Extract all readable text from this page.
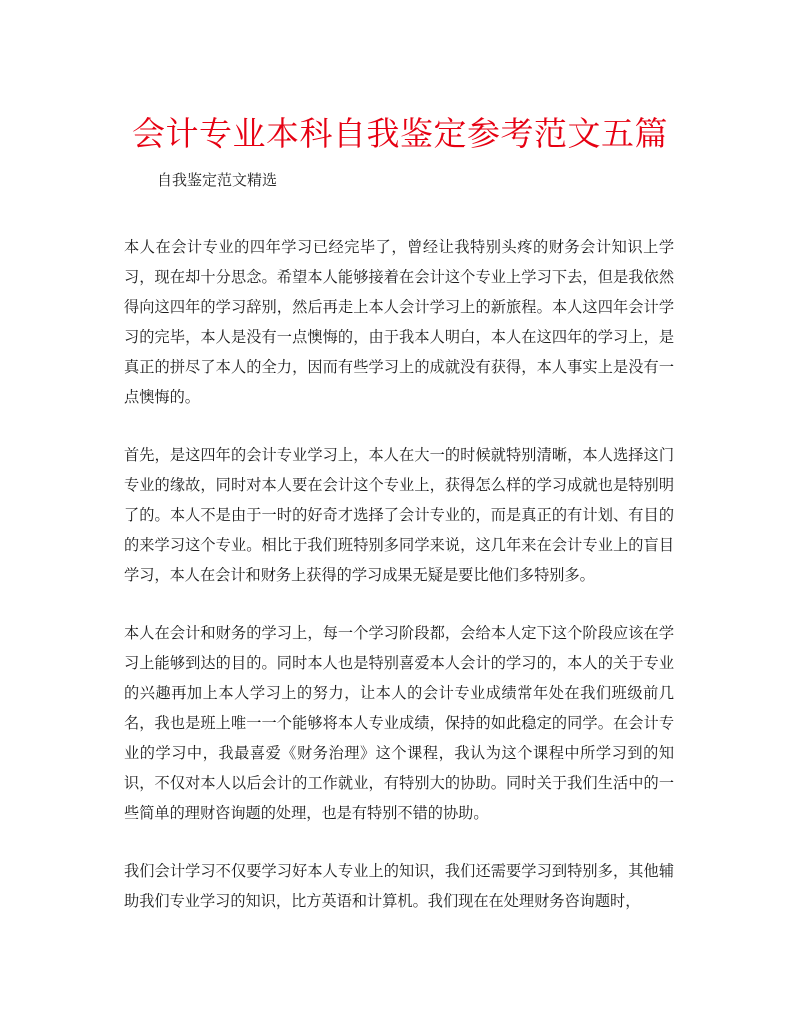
会计专业本科自我鉴定参考范文五篇

自我鉴定范文精选

本人在会计专业的四年学习已经完毕了，曾经让我特别头疼的财务会计知识上学习，现在却十分思念。希望本人能够接着在会计这个专业上学习下去，但是我依然得向这四年的学习辞别，然后再走上本人会计学习上的新旅程。本人这四年会计学习的完毕，本人是没有一点懊悔的，由于我本人明白，本人在这四年的学习上，是真正的拼尽了本人的全力，因而有些学习上的成就没有获得，本人事实上是没有一点懊悔的。

首先，是这四年的会计专业学习上，本人在大一的时候就特别清晰，本人选择这门专业的缘故，同时对本人要在会计这个专业上，获得怎么样的学习成就也是特别明了的。本人不是由于一时的好奇才选择了会计专业的，而是真正的有计划、有目的的来学习这个专业。相比于我们班特别多同学来说，这几年来在会计专业上的盲目学习，本人在会计和财务上获得的学习成果无疑是要比他们多特别多。

本人在会计和财务的学习上，每一个学习阶段都，会给本人定下这个阶段应该在学习上能够到达的目的。同时本人也是特别喜爱本人会计的学习的，本人的关于专业的兴趣再加上本人学习上的努力，让本人的会计专业成绩常年处在我们班级前几名，我也是班上唯一一个能够将本人专业成绩，保持的如此稳定的同学。在会计专业的学习中，我最喜爱《财务治理》这个课程，我认为这个课程中所学习到的知识，不仅对本人以后会计的工作就业，有特别大的协助。同时关于我们生活中的一些简单的理财咨询题的处理，也是有特别不错的协助。

我们会计学习不仅要学习好本人专业上的知识，我们还需要学习到特别多，其他辅助我们专业学习的知识，比方英语和计算机。我们现在在处理财务咨询题时，
